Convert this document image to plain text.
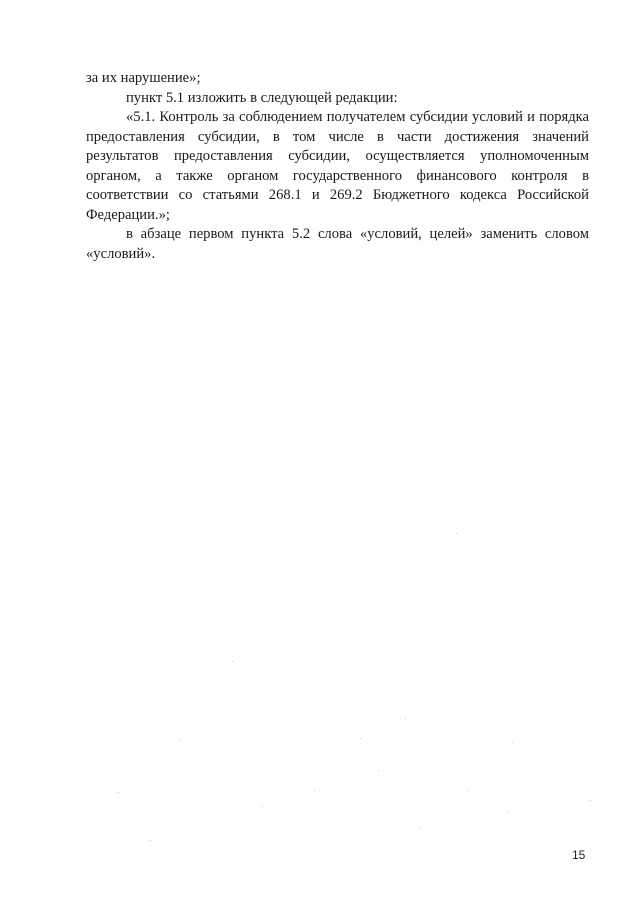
за их нарушение»;

пункт 5.1 изложить в следующей редакции:

«5.1. Контроль за соблюдением получателем субсидии условий и порядка предоставления субсидии, в том числе в части достижения значений результатов предоставления субсидии, осуществляется уполномоченным органом, а также органом государственного финансового контроля в соответствии со статьями 268.1 и 269.2 Бюджетного кодекса Российской Федерации.»;

в абзаце первом пункта 5.2 слова «условий, целей» заменить словом «условий».

15
